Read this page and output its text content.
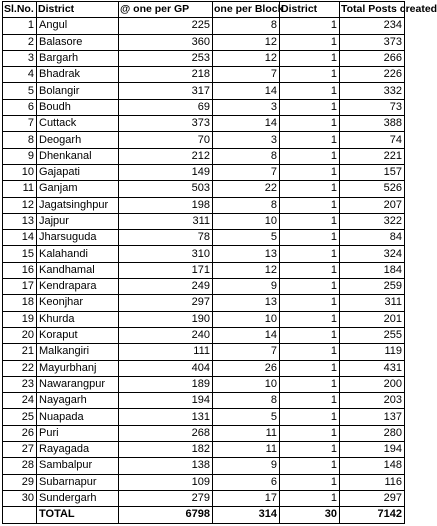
Sl.No.	District	@ one per GP	one per Block	District	Total Posts created
1	Angul	225	8	1	234
2	Balasore	360	12	1	373
3	Bargarh	253	12	1	266
4	Bhadrak	218	7	1	226
5	Bolangir	317	14	1	332
6	Boudh	69	3	1	73
7	Cuttack	373	14	1	388
8	Deogarh	70	3	1	74
9	Dhenkanal	212	8	1	221
10	Gajapati	149	7	1	157
11	Ganjam	503	22	1	526
12	Jagatsinghpur	198	8	1	207
13	Jajpur	311	10	1	322
14	Jharsuguda	78	5	1	84
15	Kalahandi	310	13	1	324
16	Kandhamal	171	12	1	184
17	Kendrapara	249	9	1	259
18	Keonjhar	297	13	1	311
19	Khurda	190	10	1	201
20	Koraput	240	14	1	255
21	Malkangiri	111	7	1	119
22	Mayurbhanj	404	26	1	431
23	Nawarangpur	189	10	1	200
24	Nayagarh	194	8	1	203
25	Nuapada	131	5	1	137
26	Puri	268	11	1	280
27	Rayagada	182	11	1	194
28	Sambalpur	138	9	1	148
29	Subarnapur	109	6	1	116
30	Sundergarh	279	17	1	297
	TOTAL	6798	314	30	7142
